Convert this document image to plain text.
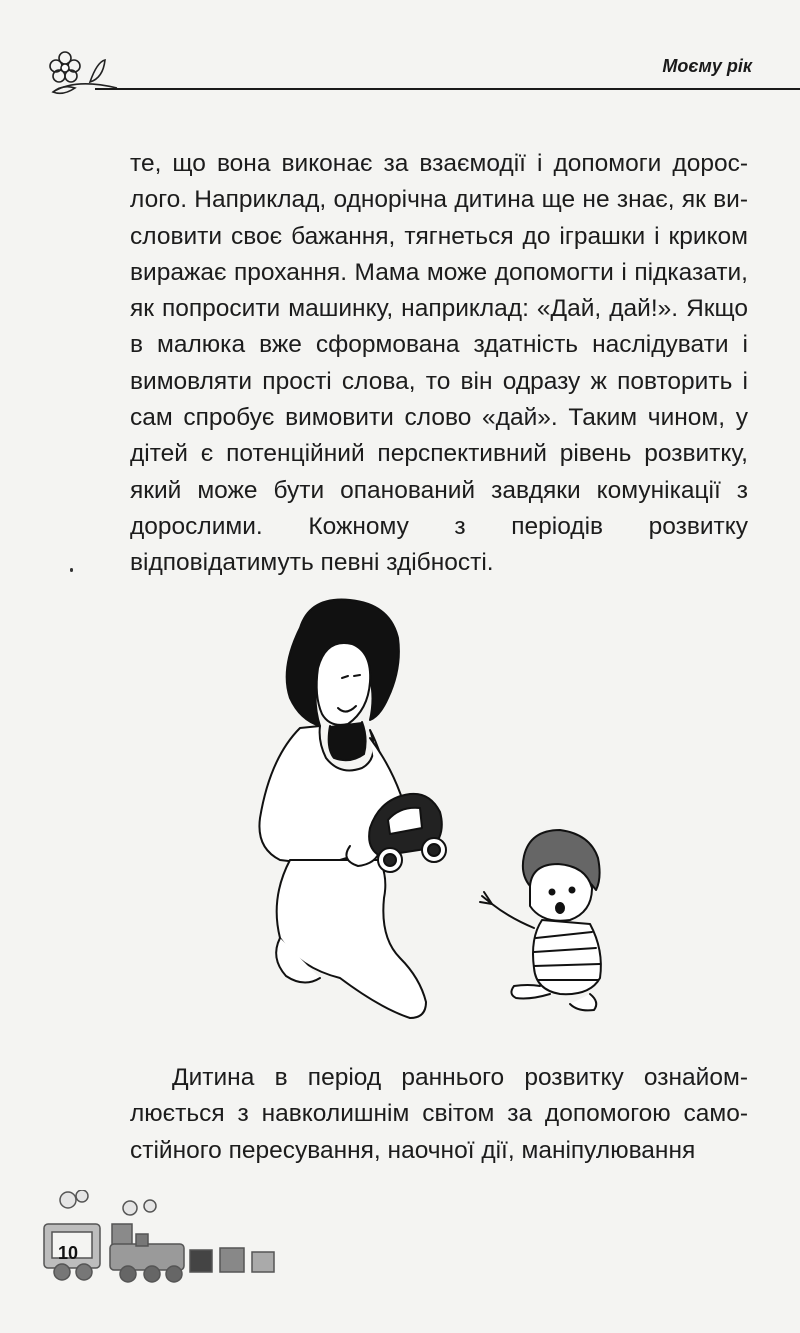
Моєму рік

те, що вона виконає за взаємодії і допомоги дорослого. Наприклад, однорічна дитина ще не знає, як висловити своє бажання, тягнеться до іграшки і криком виражає прохання. Мама може допомогти і підказати, як попросити машинку, наприклад: «Дай, дай!». Якщо в малюка вже сформована здатність наслідувати і вимовляти прості слова, то він одразу ж повторить і сам спробує вимовити слово «дай». Таким чином, у дітей є потенційний перспективний рівень розвитку, який може бути опанований завдяки комунікації з дорослими. Кожному з періодів розвитку відповідатимуть певні здібності.

Дитина в період раннього розвитку ознайомлюється з навколишнім світом за допомогою самостійного пересування, наочної дії, маніпулювання

10
